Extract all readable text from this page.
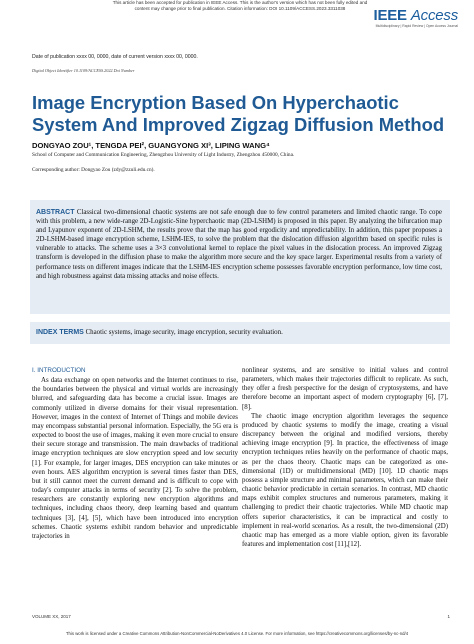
This article has been accepted for publication in IEEE Access. This is the author's version which has not been fully edited and
content may change prior to final publication. Citation information: DOI 10.1109/ACCESS.2023.3311038	IEEE Access
Multidisciplinary | Rapid Review | Open Access Journal
Date of publication xxxx 00, 0000, date of current version xxxx 00, 0000.
Digital Object Identifier 10.1109/ACCESS.2022.Doi Number
Image Encryption Based On Hyperchaotic
System And Improved Zigzag Diffusion Method
DONGYAO ZOU¹, TENGDA PEI², GUANGYONG XI³, LIPING WANG⁴
School of Computer and Communication Engineering, Zhengzhou University of Light Industry, Zhengzhou 450000, China.
Corresponding author: Dongyao Zou (zdy@zzuli.edu.cn).
ABSTRACT Classical two-dimensional chaotic systems are not safe enough due to few control parameters and limited chaotic range. To cope with this problem, a new wide-range 2D-Logistic-Sine hyperchaotic map (2D-LSHM) is proposed in this paper. By analyzing the bifurcation map and Lyapunov exponent of 2D-LSHM, the results prove that the map has good ergodicity and unpredictability. In addition, this paper proposes a 2D-LSHM-based image encryption scheme, LSHM-IES, to solve the problem that the dislocation diffusion algorithm based on specific rules is vulnerable to attacks. The scheme uses a 3×3 convolutional kernel to replace the pixel values in the dislocation process. An improved Zigzag transform is developed in the diffusion phase to make the algorithm more secure and the key space larger. Experimental results from a variety of performance tests on different images indicate that the LSHM-IES encryption scheme possesses favorable encryption performance, low time cost, and high robustness against data missing attacks and noise effects.
INDEX TERMS Chaotic systems, image security, image encryption, security evaluation.
I. INTRODUCTION
As data exchange on open networks and the Internet continues to rise, the boundaries between the physical and virtual worlds are increasingly blurred, and safeguarding data has become a crucial issue. Images are commonly utilized in diverse domains for their visual representation. However, images in the context of Internet of Things and mobile devices may encompass substantial personal information. Especially, the 5G era is expected to boost the use of images, making it even more crucial to ensure their secure storage and transmission. The main drawbacks of traditional image encryption techniques are slow encryption speed and low security [1]. For example, for larger images, DES encryption can take minutes or even hours. AES algorithm encryption is several times faster than DES, but it still cannot meet the current demand and is difficult to cope with today's computer attacks in terms of security [2]. To solve the problem, researchers are constantly exploring new encryption algorithms and techniques, including chaos theory, deep learning based and quantum techniques [3], [4], [5], which have been introduced into encryption schemes. Chaotic systems exhibit random behavior and unpredictable trajectories in
nonlinear systems, and are sensitive to initial values and control parameters, which makes their trajectories difficult to replicate. As such, they offer a fresh perspective for the design of cryptosystems, and have therefore become an important aspect of modern cryptography [6], [7], [8].
The chaotic image encryption algorithm leverages the sequence produced by chaotic systems to modify the image, creating a visual discrepancy between the original and modified versions, thereby achieving image encryption [9]. In practice, the effectiveness of image encryption techniques relies heavily on the performance of chaotic maps, as per the chaos theory. Chaotic maps can be categorized as one-dimensional (1D) or multidimensional (MD) [10]. 1D chaotic maps possess a simple structure and minimal parameters, which can make their chaotic behavior predictable in certain scenarios. In contrast, MD chaotic maps exhibit complex structures and numerous parameters, making it challenging to predict their chaotic trajectories. While MD chaotic map offers superior characteristics, it can be impractical and costly to implement in real-world scenarios. As a result, the two-dimensional (2D) chaotic map has emerged as a more viable option, given its favorable features and implementation cost [11],[12].
VOLUME XX, 2017	1
This work is licensed under a Creative Commons Attribution-NonCommercial-NoDerivatives 4.0 License. For more information, see https://creativecommons.org/licenses/by-nc-nd/4
